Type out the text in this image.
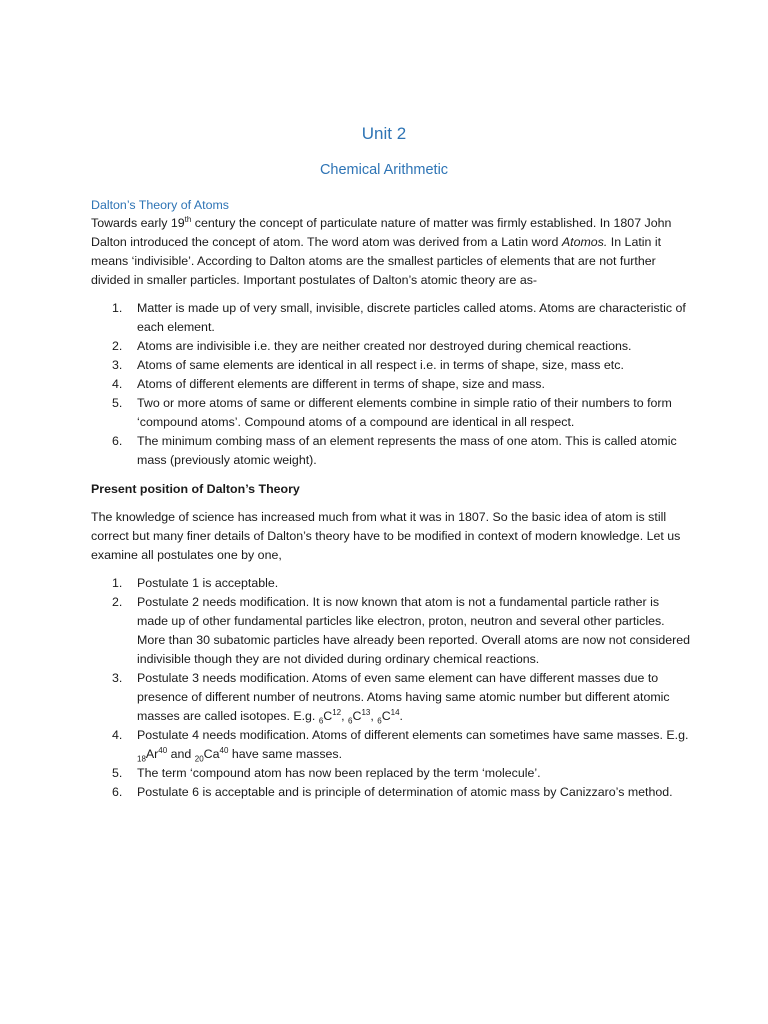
Unit 2
Chemical Arithmetic
Dalton’s Theory of Atoms

Towards early 19th century the concept of particulate nature of matter was firmly established. In 1807 John Dalton introduced the concept of atom. The word atom was derived from a Latin word Atomos. In Latin it means ‘indivisible’. According to Dalton atoms are the smallest particles of elements that are not further divided in smaller particles. Important postulates of Dalton’s atomic theory are as-

1. Matter is made up of very small, invisible, discrete particles called atoms. Atoms are characteristic of each element.
2. Atoms are indivisible i.e. they are neither created nor destroyed during chemical reactions.
3. Atoms of same elements are identical in all respect i.e. in terms of shape, size, mass etc.
4. Atoms of different elements are different in terms of shape, size and mass.
5. Two or more atoms of same or different elements combine in simple ratio of their numbers to form ‘compound atoms’. Compound atoms of a compound are identical in all respect.
6. The minimum combing mass of an element represents the mass of one atom. This is called atomic mass (previously atomic weight).
Present position of Dalton’s Theory

The knowledge of science has increased much from what it was in 1807. So the basic idea of atom is still correct but many finer details of Dalton’s theory have to be modified in context of modern knowledge. Let us examine all postulates one by one,

1. Postulate 1 is acceptable.
2. Postulate 2 needs modification. It is now known that atom is not a fundamental particle rather is made up of other fundamental particles like electron, proton, neutron and several other particles. More than 30 subatomic particles have already been reported. Overall atoms are now not considered indivisible though they are not divided during ordinary chemical reactions.
3. Postulate 3 needs modification. Atoms of even same element can have different masses due to presence of different number of neutrons. Atoms having same atomic number but different atomic masses are called isotopes. E.g. $_6C^{12}$, $_6C^{13}$, $_6C^{14}$.
4. Postulate 4 needs modification. Atoms of different elements can sometimes have same masses. E.g. $_{18}Ar^{40}$ and $_{20}Ca^{40}$ have same masses.
5. The term ‘compound atom has now been replaced by the term ‘molecule’.
6. Postulate 6 is acceptable and is principle of determination of atomic mass by Canizzaro’s method.
